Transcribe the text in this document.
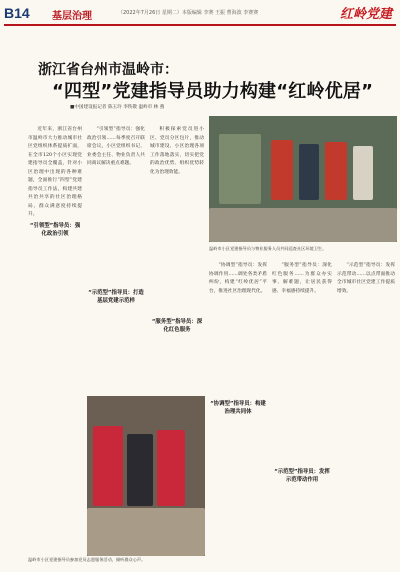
B14 基层治理	（2022年7月26日 星期二）本版编辑 李赛 王振 曹海波 李赛赛	红岭党建
浙江省台州市温岭市：
“四型”党建指导员助力构建“红岭优居”
■中国建设报记者 陈玉玲 李铁敬 温岭市 林 燕

近年来，浙江省台州市温岭市大力推动城市社区党组织体系提质扩面，在全市120个小区实现党建指导员全覆盖，针对小区治理中出现的各种难题，全面推行“四型”党建指导员工作法，构建共建共治共享的社区治理格局，群众满意度持续提升。

“引领型”指导员：强化政治引领

“引领型”指导员：强化政治引领……每季度召开联席会议，小区党组织书记、业委会主任、物业负责人共同商议解决重点难题。

“示范型”指导员：打造基层党建示范样

积极探索党员进小区、党员分区包片，推动城市建设、小区治理各项工作落地落实，切实把党的政治优势、组织优势转化为治理效能。

“服务型”指导员：深化红色服务
温岭市小区党建指导员与物业服务人员共同巡查社区环境卫生。

“协调型”指导员：发挥协调作用……调处各类矛盾纠纷，构建“红岭优居”平台，推进社区治理现代化。

“协调型”指导员：构建治理共同体

“服务型”指导员：深化红色服务……为群众办实事、解难题，让居民获得感、幸福感持续提升。

“示范型”指导员：发挥示范带动……以点带面推动全市城市社区党建工作提质增效。

“示范型”指导员：发挥示范带动作用
温岭市小区党建指导员参加党员志愿服务活动，倾听群众心声。
